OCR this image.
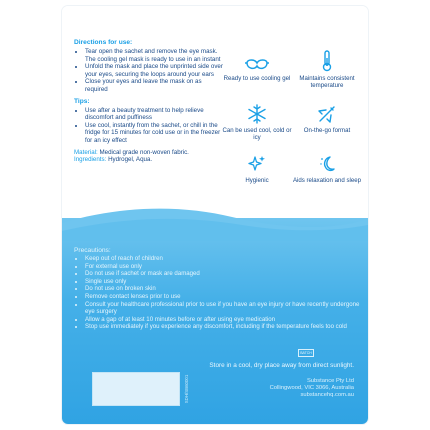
Directions for use:
• Tear open the sachet and remove the eye mask. The cooling gel mask is ready to use in an instant
• Unfold the mask and place the unprinted side over your eyes, securing the loops around your ears
• Close your eyes and leave the mask on as required
Tips:
• Use after a beauty treatment to help relieve discomfort and puffiness
• Use cool, instantly from the sachet, or chill in the fridge for 15 minutes for cold use or in the freezer for an icy effect
Material: Medical grade non-woven fabric.
Ingredients: Hydrogel, Aqua.
Ready to use cooling gel	Maintains consistent temperature
Can be used cool, cold or icy
On-the-go format
Hygienic	Aids relaxation and sleep
Precautions:
• Keep out of reach of children
• For external use only
• Do not use if sachet or mask are damaged
• Single use only
• Do not use on broken skin
• Remove contact lenses prior to use
• Consult your healthcare professional prior to use if you have an eye injury or have recently undergone eye surgery
• Allow a gap of at least 10 minutes before or after using eye medication
• Stop use immediately if you experience any discomfort, including if the temperature feels too cold
BATCH
Store in a cool, dry place away from direct sunlight.
Substance Pty Ltd
Collingwood, VIC 3066, Australia
substancehq.com.au
SDH/SB60001
